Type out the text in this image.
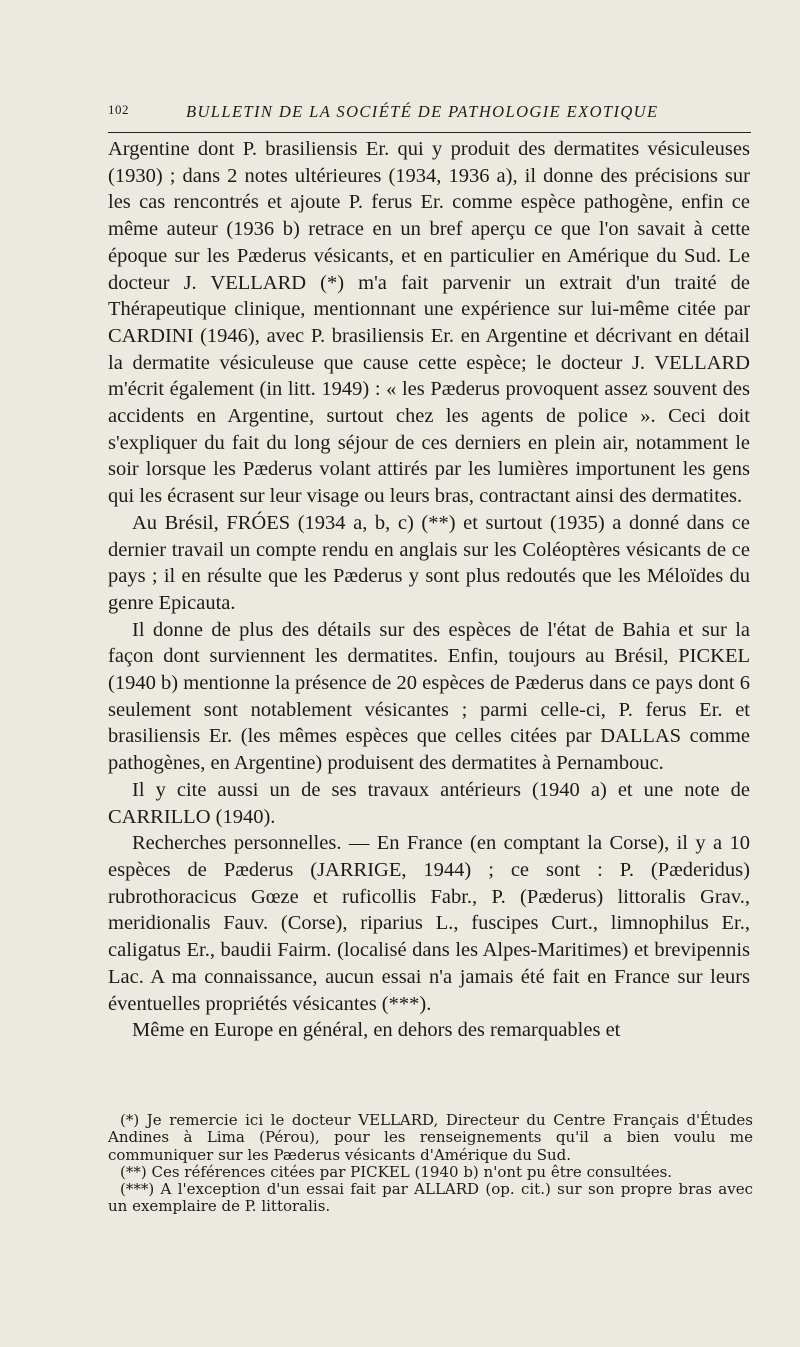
102	BULLETIN DE LA SOCIÉTÉ DE PATHOLOGIE EXOTIQUE

Argentine dont P. brasiliensis Er. qui y produit des dermatites vésiculeuses (1930) ; dans 2 notes ultérieures (1934, 1936 a), il donne des précisions sur les cas rencontrés et ajoute P. ferus Er. comme espèce pathogène, enfin ce même auteur (1936 b) retrace en un bref aperçu ce que l'on savait à cette époque sur les Pæderus vésicants, et en particulier en Amérique du Sud. Le docteur J. VELLARD (*) m'a fait parvenir un extrait d'un traité de Thérapeutique clinique, mentionnant une expérience sur lui-même citée par CARDINI (1946), avec P. brasiliensis Er. en Argentine et décrivant en détail la dermatite vésiculeuse que cause cette espèce; le docteur J. VELLARD m'écrit également (in litt. 1949) : « les Pæderus provoquent assez souvent des accidents en Argentine, surtout chez les agents de police ». Ceci doit s'expliquer du fait du long séjour de ces derniers en plein air, notamment le soir lorsque les Pæderus volant attirés par les lumières importunent les gens qui les écrasent sur leur visage ou leurs bras, contractant ainsi des dermatites.

Au Brésil, FRÓES (1934 a, b, c) (**) et surtout (1935) a donné dans ce dernier travail un compte rendu en anglais sur les Coléoptères vésicants de ce pays ; il en résulte que les Pæderus y sont plus redoutés que les Méloïdes du genre Epicauta.

Il donne de plus des détails sur des espèces de l'état de Bahia et sur la façon dont surviennent les dermatites. Enfin, toujours au Brésil, PICKEL (1940 b) mentionne la présence de 20 espèces de Pæderus dans ce pays dont 6 seulement sont notablement vésicantes ; parmi celle-ci, P. ferus Er. et brasiliensis Er. (les mêmes espèces que celles citées par DALLAS comme pathogènes, en Argentine) produisent des dermatites à Pernambouc.

Il y cite aussi un de ses travaux antérieurs (1940 a) et une note de CARRILLO (1940).

Recherches personnelles. — En France (en comptant la Corse), il y a 10 espèces de Pæderus (JARRIGE, 1944) ; ce sont : P. (Pæderidus) rubrothoracicus Gœze et ruficollis Fabr., P. (Pæderus) littoralis Grav., meridionalis Fauv. (Corse), riparius L., fuscipes Curt., limnophilus Er., caligatus Er., baudii Fairm. (localisé dans les Alpes-Maritimes) et brevipennis Lac. A ma connaissance, aucun essai n'a jamais été fait en France sur leurs éventuelles propriétés vésicantes (***).

Même en Europe en général, en dehors des remarquables et

(*) Je remercie ici le docteur VELLARD, Directeur du Centre Français d'Études Andines à Lima (Pérou), pour les renseignements qu'il a bien voulu me communiquer sur les Pæderus vésicants d'Amérique du Sud.

(**) Ces références citées par PICKEL (1940 b) n'ont pu être consultées.

(***) A l'exception d'un essai fait par ALLARD (op. cit.) sur son propre bras avec un exemplaire de P. littoralis.
